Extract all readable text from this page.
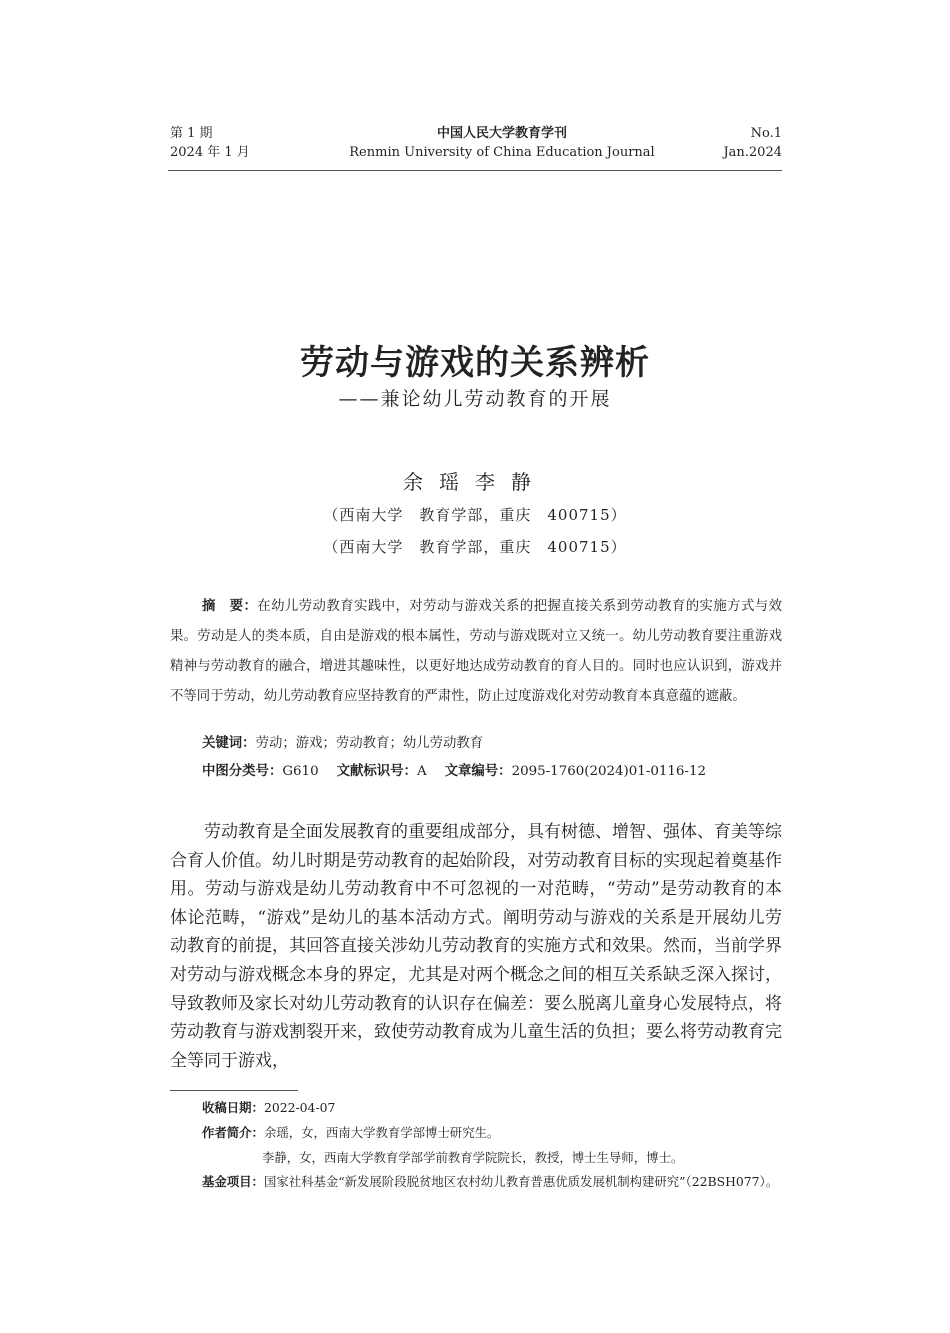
第 1 期
2024 年 1 月
中国人民大学教育学刊
Renmin University of China Education Journal
No.1
Jan.2024
劳动与游戏的关系辨析
——兼论幼儿劳动教育的开展
余瑶李静
（西南大学　教育学部，重庆　400715）
（西南大学　教育学部，重庆　400715）

摘　要：在幼儿劳动教育实践中，对劳动与游戏关系的把握直接关系到劳动教育的实施方式与效果。劳动是人的类本质，自由是游戏的根本属性，劳动与游戏既对立又统一。幼儿劳动教育要注重游戏精神与劳动教育的融合，增进其趣味性，以更好地达成劳动教育的育人目的。同时也应认识到，游戏并不等同于劳动，幼儿劳动教育应坚持教育的严肃性，防止过度游戏化对劳动教育本真意蕴的遮蔽。

关键词：劳动；游戏；劳动教育；幼儿劳动教育
中图分类号：G610 文献标识号：A 文章编号：2095-1760(2024)01-0116-12

劳动教育是全面发展教育的重要组成部分，具有树德、增智、强体、育美等综合育人价值。幼儿时期是劳动教育的起始阶段，对劳动教育目标的实现起着奠基作用。劳动与游戏是幼儿劳动教育中不可忽视的一对范畴，“劳动”是劳动教育的本体论范畴，“游戏”是幼儿的基本活动方式。阐明劳动与游戏的关系是开展幼儿劳动教育的前提，其回答直接关涉幼儿劳动教育的实施方式和效果。然而，当前学界对劳动与游戏概念本身的界定，尤其是对两个概念之间的相互关系缺乏深入探讨，导致教师及家长对幼儿劳动教育的认识存在偏差：要么脱离儿童身心发展特点，将劳动教育与游戏割裂开来，致使劳动教育成为儿童生活的负担；要么将劳动教育完全等同于游戏，

收稿日期：2022-04-07
作者简介：余瑶，女，西南大学教育学部博士研究生。
李静，女，西南大学教育学部学前教育学院院长，教授，博士生导师，博士。

基金项目：国家社科基金“新发展阶段脱贫地区农村幼儿教育普惠优质发展机制构建研究”（22BSH077）。
